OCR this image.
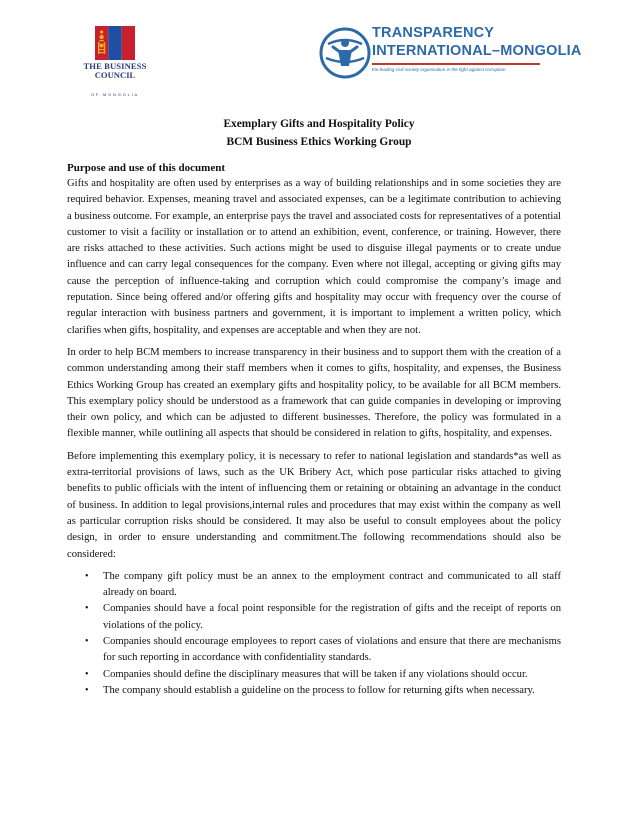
THE BUSINESS
COUNCIL
OF MONGOLIA
TRANSPARENCY
INTERNATIONAL–MONGOLIA
the leading civil society organisation in the fight against corruption
Exemplary Gifts and Hospitality Policy
BCM Business Ethics Working Group
Purpose and use of this document

Gifts and hospitality are often used by enterprises as a way of building relationships and in some societies they are required behavior. Expenses, meaning travel and associated expenses, can be a legitimate contribution to achieving a business outcome. For example, an enterprise pays the travel and associated costs for representatives of a potential customer to visit a facility or installation or to attend an exhibition, event, conference, or training. However, there are risks attached to these activities. Such actions might be used to disguise illegal payments or to create undue influence and can carry legal consequences for the company. Even where not illegal, accepting or giving gifts may cause the perception of influence-taking and corruption which could compromise the company’s image and reputation. Since being offered and/or offering gifts and hospitality may occur with frequency over the course of regular interaction with business partners and government, it is important to implement a written policy, which clarifies when gifts, hospitality, and expenses are acceptable and when they are not.

In order to help BCM members to increase transparency in their business and to support them with the creation of a common understanding among their staff members when it comes to gifts, hospitality, and expenses, the Business Ethics Working Group has created an exemplary gifts and hospitality policy, to be available for all BCM members. This exemplary policy should be understood as a framework that can guide companies in developing or improving their own policy, and which can be adjusted to different businesses. Therefore, the policy was formulated in a flexible manner, while outlining all aspects that should be considered in relation to gifts, hospitality, and expenses.

Before implementing this exemplary policy, it is necessary to refer to national legislation and standards*as well as extra-territorial provisions of laws, such as the UK Bribery Act, which pose particular risks attached to giving benefits to public officials with the intent of influencing them or retaining or obtaining an advantage in the conduct of business. In addition to legal provisions,internal rules and procedures that may exist within the company as well as particular corruption risks should be considered. It may also be useful to consult employees about the policy design, in order to ensure understanding and commitment.The following recommendations should also be considered:

• The company gift policy must be an annex to the employment contract and communicated to all staff already on board.
• Companies should have a focal point responsible for the registration of gifts and the receipt of reports on violations of the policy.
• Companies should encourage employees to report cases of violations and ensure that there are mechanisms for such reporting in accordance with confidentiality standards.
• Companies should define the disciplinary measures that will be taken if any violations should occur.
• The company should establish a guideline on the process to follow for returning gifts when necessary.
